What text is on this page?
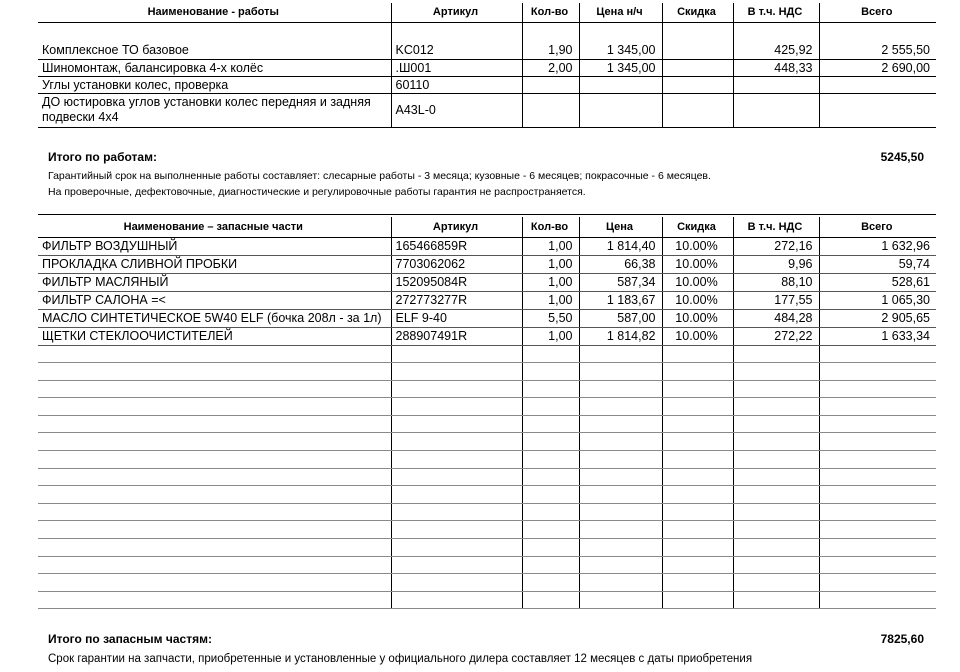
Наименование - работы	Артикул	Кол-во	Цена н/ч	Скидка	В т.ч. НДС	Всего

Комплексное ТО базовое	KC012	1,90	1 345,00		425,92	2 555,50
Шиномонтаж, балансировка 4-х колёс	.Ш001	2,00	1 345,00		448,33	2 690,00
Углы установки колес, проверка	60110					
ДО юстировка углов установки колес передняя и задняя подвески 4х4	A43L-0					
Итого по работам:	5245,50
Гарантийный срок на выполненные работы составляет: слесарные работы - 3 месяца; кузовные - 6 месяцев; покрасочные - 6 месяцев.
На проверочные, дефектовочные, диагностические и регулировочные работы гарантия не распространяется.
Наименование – запасные части	Артикул	Кол-во	Цена	Скидка	В т.ч. НДС	Всего
ФИЛЬТР ВОЗДУШНЫЙ	165466859R	1,00	1 814,40	10.00%	272,16	1 632,96
ПРОКЛАДКА СЛИВНОЙ ПРОБКИ	7703062062	1,00	66,38	10.00%	9,96	59,74
ФИЛЬТР МАСЛЯНЫЙ	152095084R	1,00	587,34	10.00%	88,10	528,61
ФИЛЬТР САЛОНА =<	272773277R	1,00	1 183,67	10.00%	177,55	1 065,30
МАСЛО СИНТЕТИЧЕСКОЕ 5W40 ELF (бочка 208л - за 1л)	ELF 9-40	5,50	587,00	10.00%	484,28	2 905,65
ЩЕТКИ СТЕКЛООЧИСТИТЕЛЕЙ	288907491R	1,00	1 814,82	10.00%	272,22	1 633,34

Итого по запасным частям:	7825,60
Срок гарантии на запчасти, приобретенные и установленные у официального дилера составляет 12 месяцев с даты приобретения
